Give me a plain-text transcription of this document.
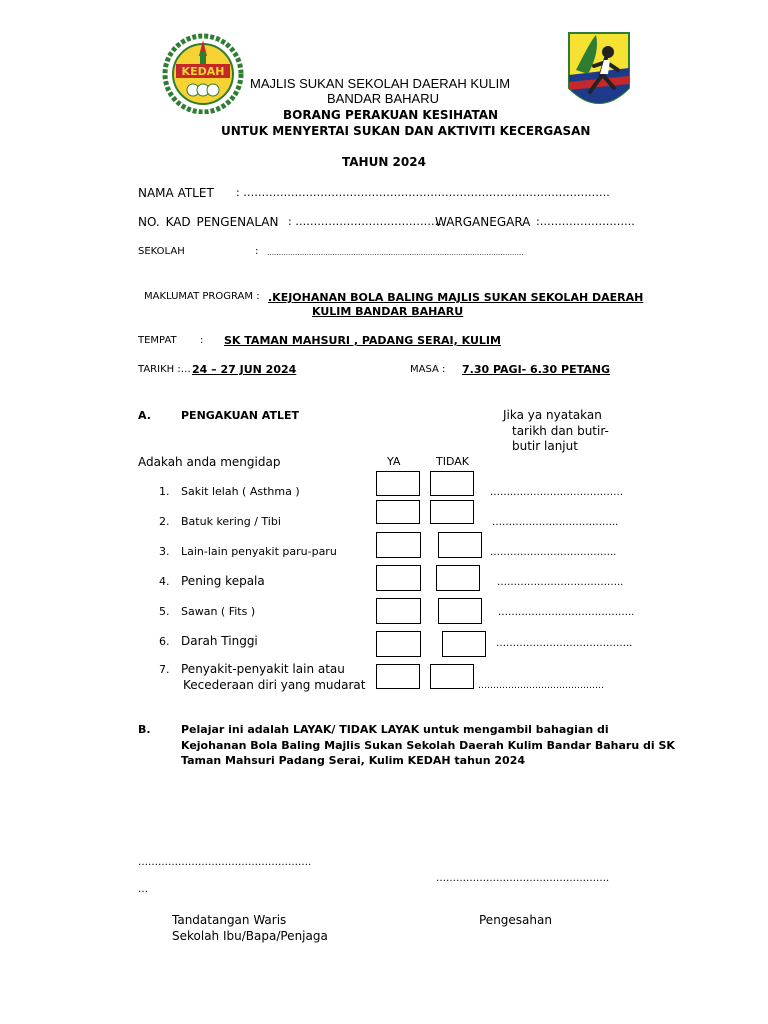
KEDAH
MAJLIS SUKAN SEKOLAH DAERAH KULIM
BANDAR BAHARU
BORANG PERAKUAN KESIHATAN
UNTUK MENYERTAI SUKAN DAN AKTIVITI KECERGASAN
TAHUN 2024
NAMA ATLET : ……………………………………………………………………………………….
NO. KAD PENGENALAN : ………………………………….
WARGANEGARA :……………………..
SEKOLAH	: ………………………………………………………………………………………………..
MAKLUMAT PROGRAM : .KEJOHANAN BOLA BALING MAJLIS SUKAN SEKOLAH DAERAH
KULIM BANDAR BAHARU
TEMPAT : SK TAMAN MAHSURI , PADANG SERAI, KULIM
TARIKH :… 24 – 27 JUN 2024	MASA : 7.30 PAGI- 6.30 PETANG
A.	PENGAKUAN ATLET	Jika ya nyatakan
tarikh dan butir-
butir lanjut
Adakah anda mengidap	YA	TIDAK
1. Sakit lelah ( Asthma )	…….……………………………
2. Batuk kering / Tibi	………………………………..
3. Lain-lain penyakit paru-paru	………………………………..
4. Pening kepala	………………………………..
5. Sawan ( Fits )	…………………………………..
6. Darah Tinggi	…………………………………..
7. Penyakit-penyakit lain atau
Kecederaan diri yang mudarat	……………………………………
B.	Pelajar ini adalah LAYAK/ TIDAK LAYAK untuk mengambil bahagian di
Kejohanan Bola Baling Majlis Sukan Sekolah Daerah Kulim Bandar Baharu di SK
Taman Mahsuri Padang Serai, Kulim KEDAH tahun 2024
…………………………………………….
…
…………………………………………….
Tandatangan Waris
Sekolah Ibu/Bapa/Penjaga
Pengesahan
